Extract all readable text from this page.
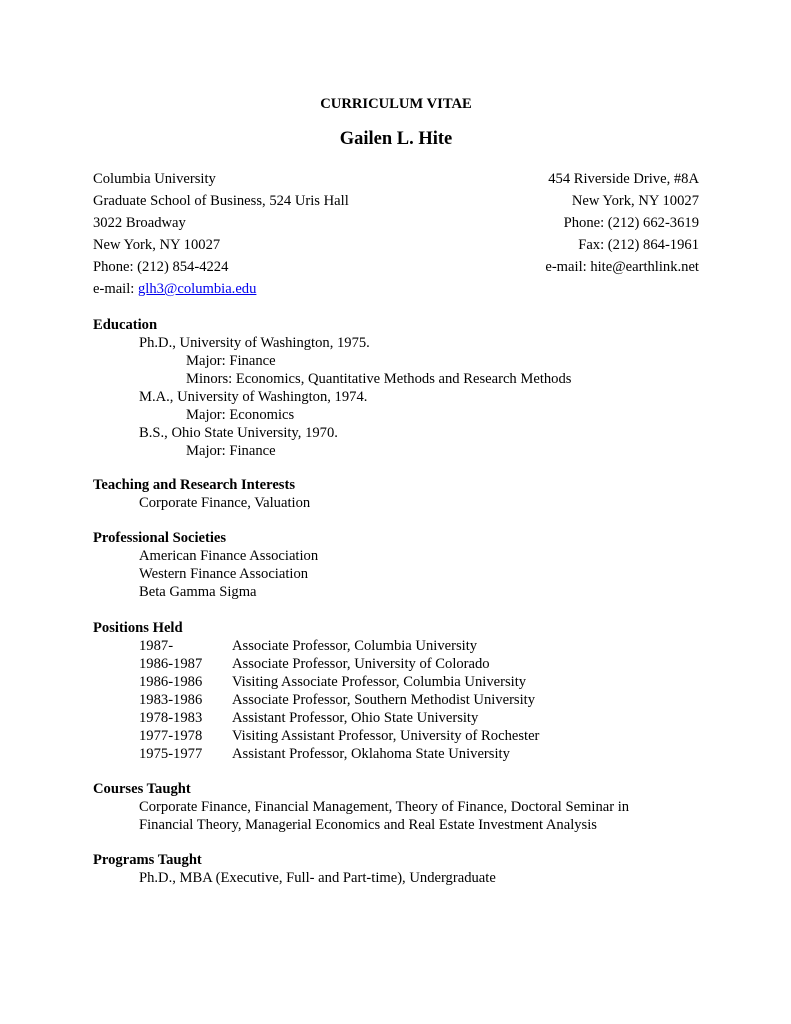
CURRICULUM VITAE
Gailen L. Hite
Columbia University
Graduate School of Business, 524 Uris Hall
3022 Broadway
New York, NY 10027
Phone: (212) 854-4224
e-mail: glh3@columbia.edu
454 Riverside Drive, #8A
New York, NY 10027
Phone: (212) 662-3619
Fax: (212) 864-1961
e-mail: hite@earthlink.net
Education
Ph.D., University of Washington, 1975.
Major: Finance
Minors: Economics, Quantitative Methods and Research Methods
M.A., University of Washington, 1974.
Major: Economics
B.S., Ohio State University, 1970.
Major: Finance
Teaching and Research Interests
Corporate Finance, Valuation
Professional Societies
American Finance Association
Western Finance Association
Beta Gamma Sigma
Positions Held
1987-	Associate Professor, Columbia University
1986-1987	Associate Professor, University of Colorado
1986-1986	Visiting Associate Professor, Columbia University
1983-1986	Associate Professor, Southern Methodist University
1978-1983	Assistant Professor, Ohio State University
1977-1978	Visiting Assistant Professor, University of Rochester
1975-1977	Assistant Professor, Oklahoma State University
Courses Taught
Corporate Finance, Financial Management, Theory of Finance, Doctoral Seminar in
Financial Theory, Managerial Economics and Real Estate Investment Analysis
Programs Taught
Ph.D., MBA (Executive, Full- and Part-time), Undergraduate
